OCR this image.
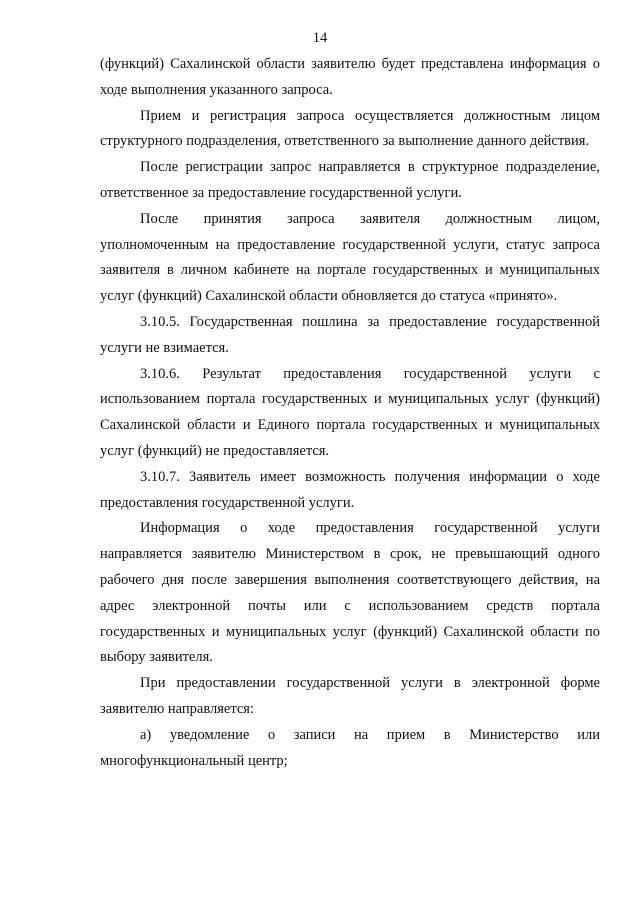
14

(функций) Сахалинской области заявителю будет представлена информация о ходе выполнения указанного запроса.

Прием и регистрация запроса осуществляется должностным лицом структурного подразделения, ответственного за выполнение данного действия.

После регистрации запрос направляется в структурное подразделение, ответственное за предоставление государственной услуги.

После принятия запроса заявителя должностным лицом, уполномоченным на предоставление государственной услуги, статус запроса заявителя в личном кабинете на портале государственных и муниципальных услуг (функций) Сахалинской области обновляется до статуса «принято».

3.10.5. Государственная пошлина за предоставление государственной услуги не взимается.

3.10.6. Результат предоставления государственной услуги с использованием портала государственных и муниципальных услуг (функций) Сахалинской области и Единого портала государственных и муниципальных услуг (функций) не предоставляется.

3.10.7. Заявитель имеет возможность получения информации о ходе предоставления государственной услуги.

Информация о ходе предоставления государственной услуги направляется заявителю Министерством в срок, не превышающий одного рабочего дня после завершения выполнения соответствующего действия, на адрес электронной почты или с использованием средств портала государственных и муниципальных услуг (функций) Сахалинской области по выбору заявителя.

При предоставлении государственной услуги в электронной форме заявителю направляется:

а) уведомление о записи на прием в Министерство или многофункциональный центр;
